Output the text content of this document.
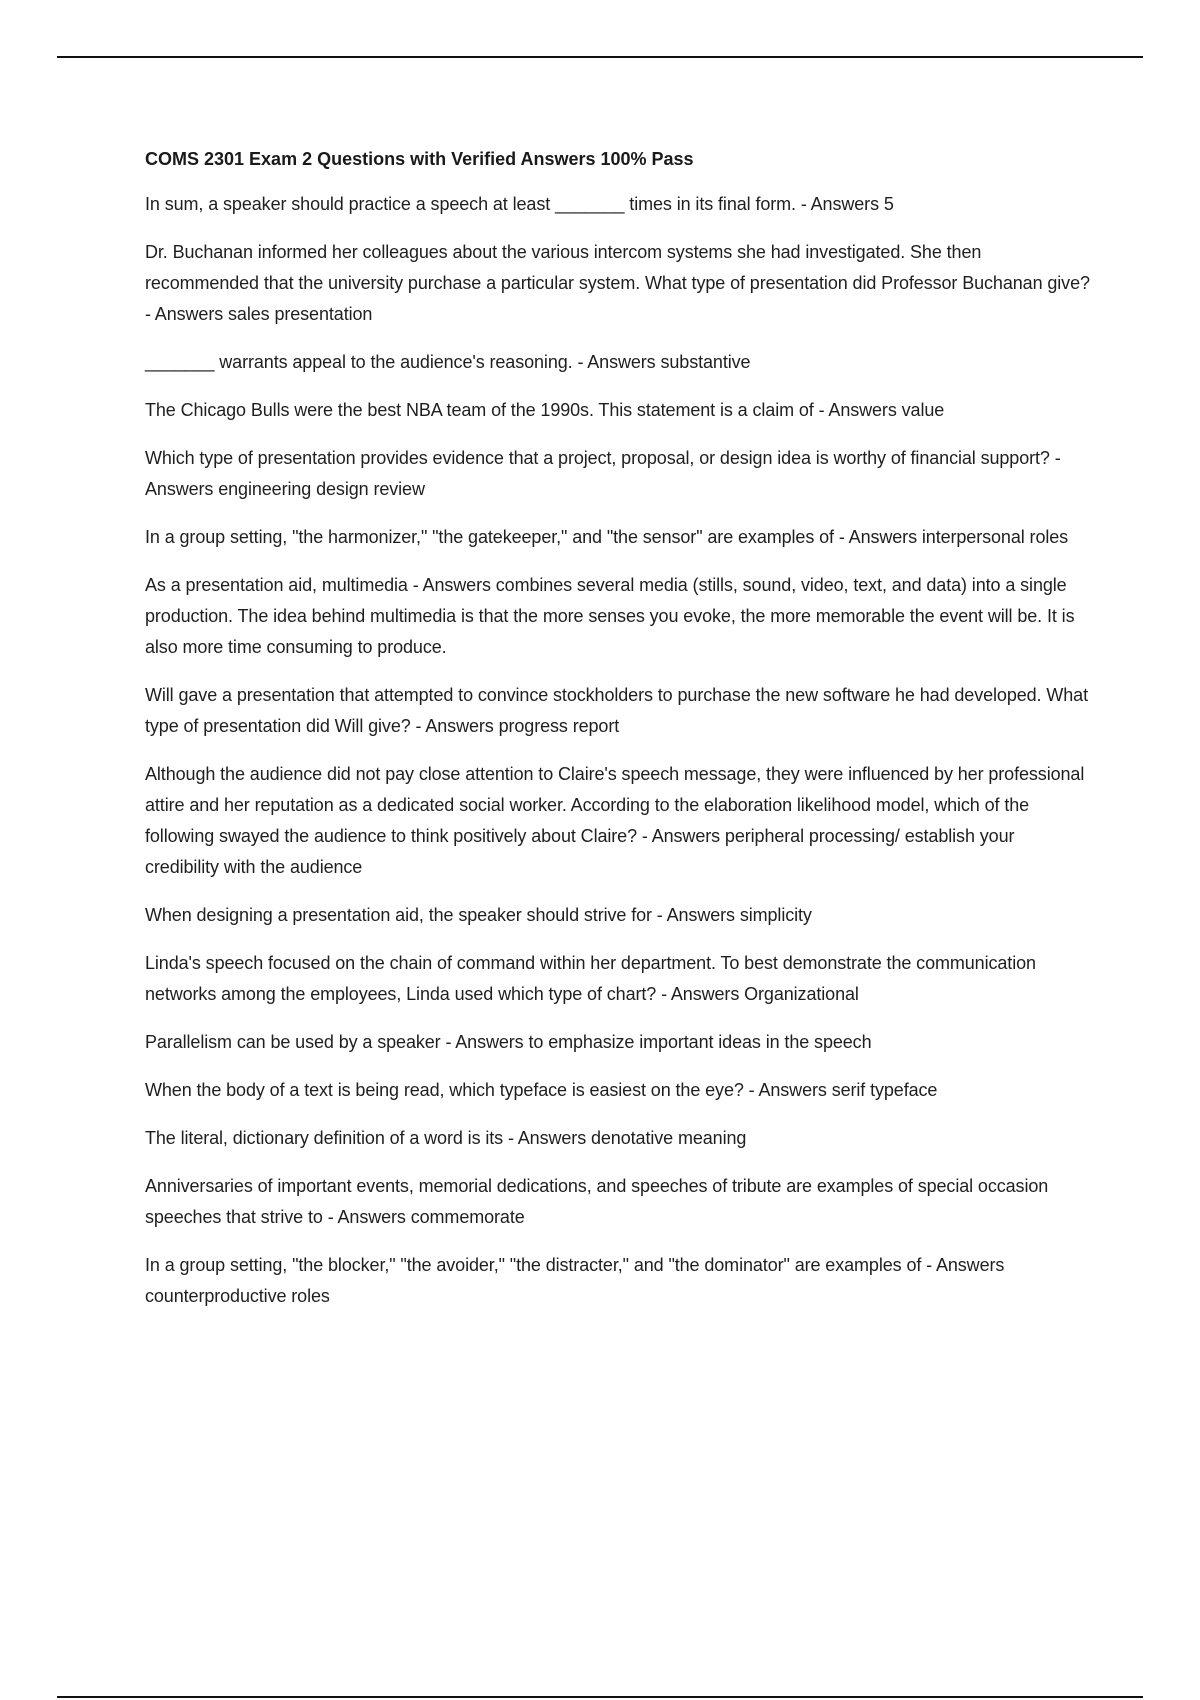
COMS 2301 Exam 2 Questions with Verified Answers 100% Pass

In sum, a speaker should practice a speech at least _______ times in its final form. - Answers 5

Dr. Buchanan informed her colleagues about the various intercom systems she had investigated. She then recommended that the university purchase a particular system. What type of presentation did Professor Buchanan give? - Answers sales presentation

_______ warrants appeal to the audience's reasoning. - Answers substantive

The Chicago Bulls were the best NBA team of the 1990s. This statement is a claim of - Answers value

Which type of presentation provides evidence that a project, proposal, or design idea is worthy of financial support? - Answers engineering design review

In a group setting, "the harmonizer," "the gatekeeper," and "the sensor" are examples of - Answers interpersonal roles

As a presentation aid, multimedia - Answers combines several media (stills, sound, video, text, and data) into a single production. The idea behind multimedia is that the more senses you evoke, the more memorable the event will be. It is also more time consuming to produce.

Will gave a presentation that attempted to convince stockholders to purchase the new software he had developed. What type of presentation did Will give? - Answers progress report

Although the audience did not pay close attention to Claire's speech message, they were influenced by her professional attire and her reputation as a dedicated social worker. According to the elaboration likelihood model, which of the following swayed the audience to think positively about Claire? - Answers peripheral processing/ establish your credibility with the audience

When designing a presentation aid, the speaker should strive for - Answers simplicity

Linda's speech focused on the chain of command within her department. To best demonstrate the communication networks among the employees, Linda used which type of chart? - Answers Organizational

Parallelism can be used by a speaker - Answers to emphasize important ideas in the speech

When the body of a text is being read, which typeface is easiest on the eye? - Answers serif typeface

The literal, dictionary definition of a word is its - Answers denotative meaning

Anniversaries of important events, memorial dedications, and speeches of tribute are examples of special occasion speeches that strive to - Answers commemorate

In a group setting, "the blocker," "the avoider," "the distracter," and "the dominator" are examples of - Answers counterproductive roles
